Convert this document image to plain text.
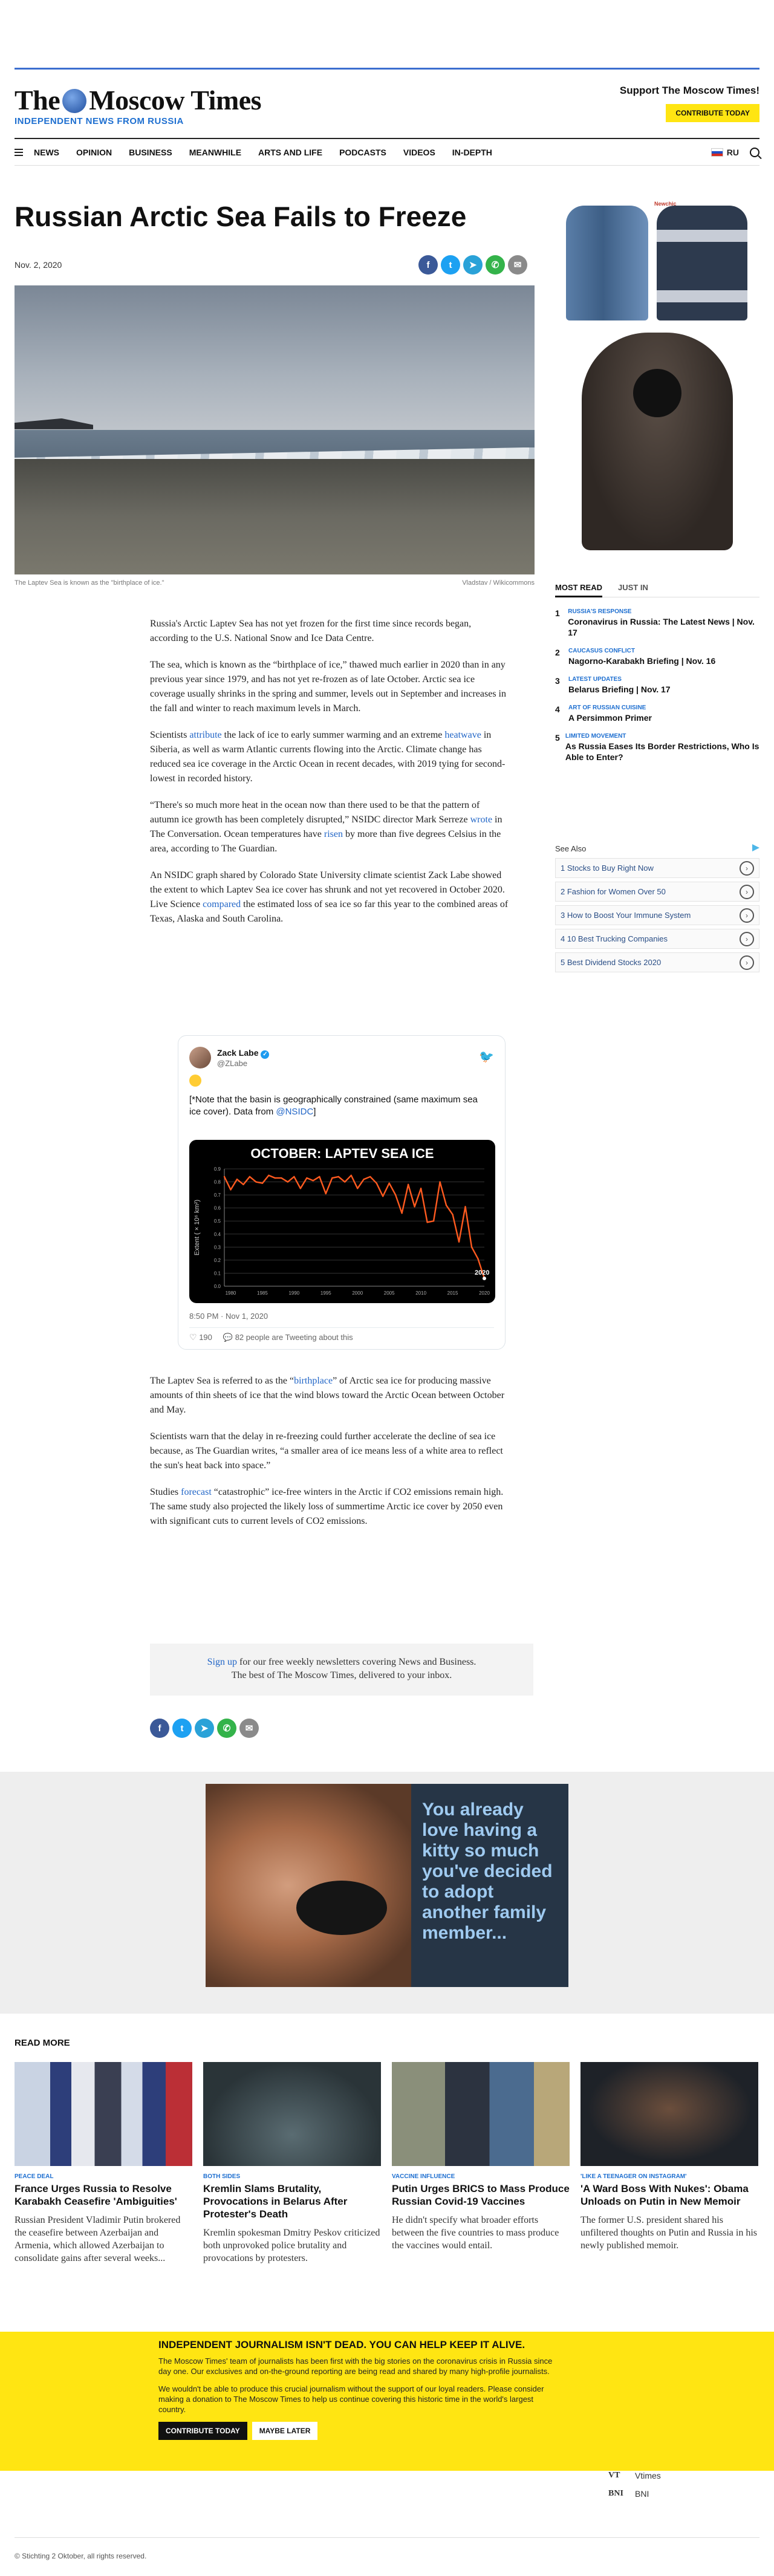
The Moscow Times
INDEPENDENT NEWS FROM RUSSIA
Support The Moscow Times!
CONTRIBUTE TODAY
NEWS OPINION BUSINESS MEANWHILE ARTS AND LIFE PODCASTS VIDEOS IN-DEPTH	RU
Russian Arctic Sea Fails to Freeze
Nov. 2, 2020	f	t	➤	✆	✉
The Laptev Sea is known as the "birthplace of ice."	Vladstav / Wikicommons

Russia's Arctic Laptev Sea has not yet frozen for the first time since records began, according to the U.S. National Snow and Ice Data Centre.

The sea, which is known as the “birthplace of ice,” thawed much earlier in 2020 than in any previous year since 1979, and has not yet re-frozen as of late October. Arctic sea ice coverage usually shrinks in the spring and summer, levels out in September and increases in the fall and winter to reach maximum levels in March.

Scientists attribute the lack of ice to early summer warming and an extreme heatwave in Siberia, as well as warm Atlantic currents flowing into the Arctic. Climate change has reduced sea ice coverage in the Arctic Ocean in recent decades, with 2019 tying for second-lowest in recorded history.

“There's so much more heat in the ocean now than there used to be that the pattern of autumn ice growth has been completely disrupted,” NSIDC director Mark Serreze wrote in The Conversation. Ocean temperatures have risen by more than five degrees Celsius in the area, according to The Guardian.

An NSIDC graph shared by Colorado State University climate scientist Zack Labe showed the extent to which Laptev Sea ice cover has shrunk and not yet recovered in October 2020. Live Science compared the estimated loss of sea ice so far this year to the combined areas of Texas, Alaska and South Carolina.

Zack Labe ✓
@ZLabe	🐦
[*Note that the basin is geographically constrained (same maximum sea ice cover). Data from @NSIDC]
OCTOBER: LAPTEV SEA ICE
0.0
0.1
0.2
0.3
0.4
0.5
0.6
0.7
0.8
0.9
1980	1985	1990	1995	2000	2005	2010	2015	2020
Extent ( × 10⁶ km²)
2020
8:50 PM · Nov 1, 2020
♡ 190 💬 82 people are Tweeting about this

The Laptev Sea is referred to as the “birthplace” of Arctic sea ice for producing massive amounts of thin sheets of ice that the wind blows toward the Arctic Ocean between October and May.

Scientists warn that the delay in re-freezing could further accelerate the decline of sea ice because, as The Guardian writes, “a smaller area of ice means less of a white area to reflect the sun's heat back into space.”

Studies forecast “catastrophic” ice-free winters in the Arctic if CO2 emissions remain high. The same study also projected the likely loss of summertime Arctic ice cover by 2050 even with significant cuts to current levels of CO2 emissions.

Sign up for our free weekly newsletters covering News and Business.
The best of The Moscow Times, delivered to your inbox.
f	t	➤	✆	✉
Newchic
MOST READ JUST IN
1	RUSSIA'S RESPONSE
Coronavirus in Russia: The Latest News | Nov. 17
2	CAUCASUS CONFLICT
Nagorno-Karabakh Briefing | Nov. 16
3	LATEST UPDATES
Belarus Briefing | Nov. 17
4	ART OF RUSSIAN CUISINE
A Persimmon Primer
5 LIMITED MOVEMENT
As Russia Eases Its Border Restrictions, Who Is Able to Enter?
See Also
1 Stocks to Buy Right Now	›
2 Fashion for Women Over 50	›
3 How to Boost Your Immune System	›
4 10 Best Trucking Companies	›
5 Best Dividend Stocks 2020	›
You already love having a kitty so much you've decided to adopt another family member...
READ MORE
PEACE DEAL
France Urges Russia to Resolve Karabakh Ceasefire 'Ambiguities'
Russian President Vladimir Putin brokered the ceasefire between Azerbaijan and Armenia, which allowed Azerbaijan to consolidate gains after several weeks...
BOTH SIDES
Kremlin Slams Brutality, Provocations in Belarus After Protester's Death
Kremlin spokesman Dmitry Peskov criticized both unprovoked police brutality and provocations by protesters.
VACCINE INFLUENCE
Putin Urges BRICS to Mass Produce Russian Covid-19 Vaccines
He didn't specify what broader efforts between the five countries to mass produce the vaccines would entail.
'LIKE A TEENAGER ON INSTAGRAM'
'A Ward Boss With Nukes': Obama Unloads on Putin in New Memoir
The former U.S. president shared his unfiltered thoughts on Putin and Russia in his newly published memoir.
INDEPENDENT JOURNALISM ISN'T DEAD. YOU CAN HELP KEEP IT ALIVE.
The Moscow Times' team of journalists has been first with the big stories on the coronavirus crisis in Russia since day one. Our exclusives and on-the-ground reporting are being read and shared by many high-profile journalists.
We wouldn't be able to produce this crucial journalism without the support of our loyal readers. Please consider making a donation to The Moscow Times to help us continue covering this historic time in the world's largest country.
CONTRIBUTE TODAY	MAYBE LATER
VT	Vtimes
BNI	BNI
© Stichting 2 Oktober, all rights reserved.
